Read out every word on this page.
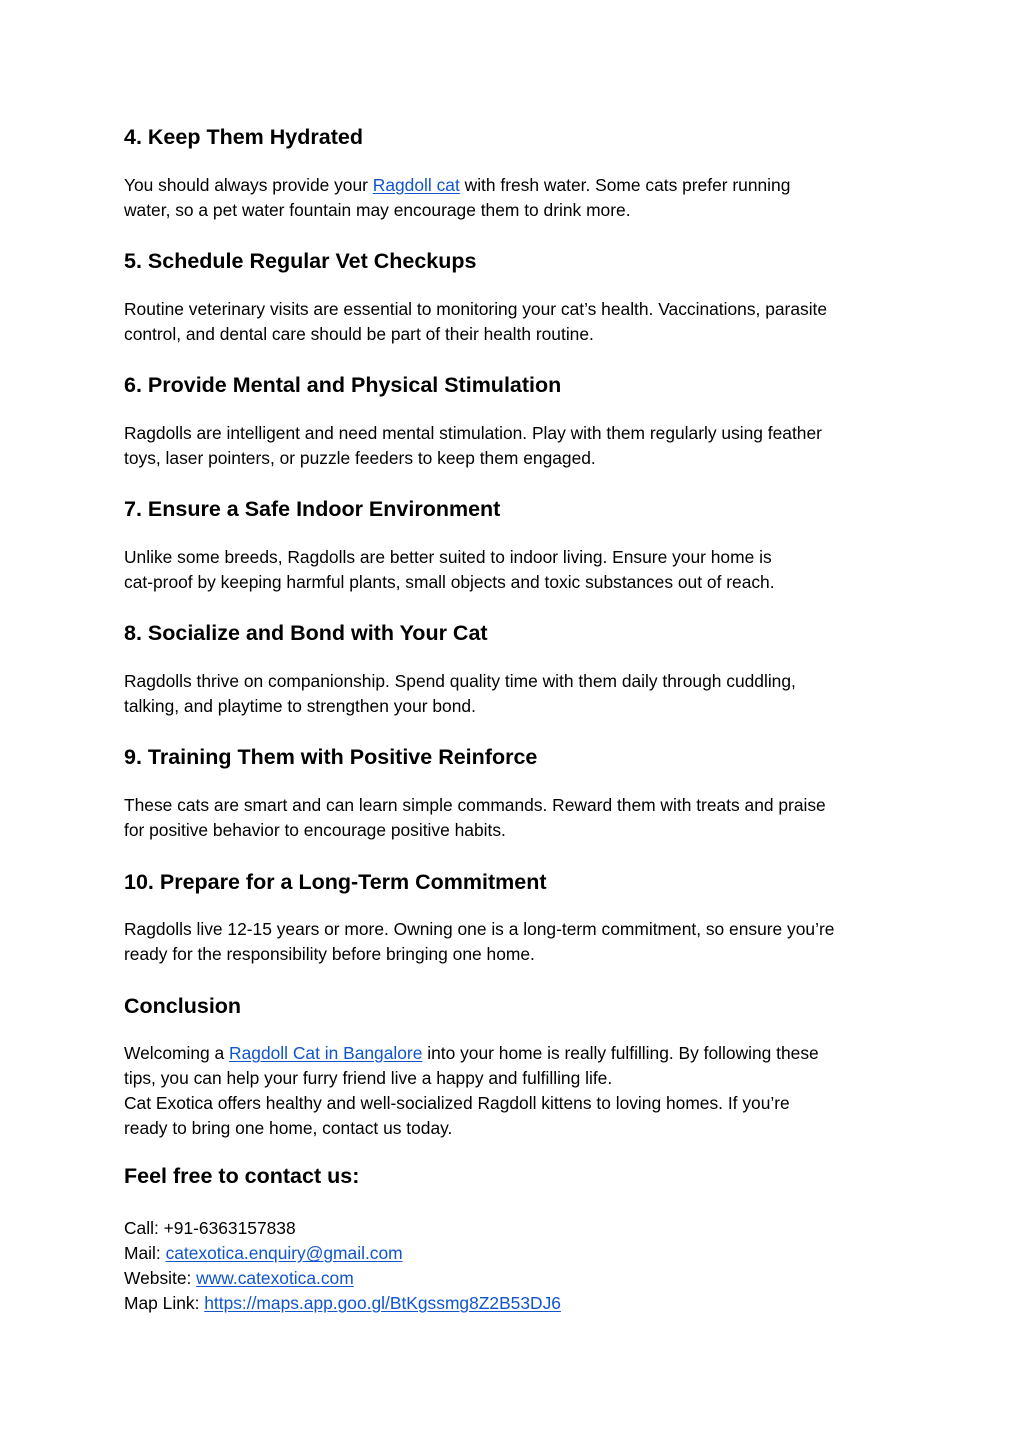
4. Keep Them Hydrated

You should always provide your Ragdoll cat with fresh water. Some cats prefer running
water, so a pet water fountain may encourage them to drink more.

5. Schedule Regular Vet Checkups

Routine veterinary visits are essential to monitoring your cat’s health. Vaccinations, parasite
control, and dental care should be part of their health routine.

6. Provide Mental and Physical Stimulation

Ragdolls are intelligent and need mental stimulation. Play with them regularly using feather
toys, laser pointers, or puzzle feeders to keep them engaged.

7. Ensure a Safe Indoor Environment

Unlike some breeds, Ragdolls are better suited to indoor living. Ensure your home is
cat-proof by keeping harmful plants, small objects and toxic substances out of reach.

8. Socialize and Bond with Your Cat

Ragdolls thrive on companionship. Spend quality time with them daily through cuddling,
talking, and playtime to strengthen your bond.

9. Training Them with Positive Reinforce

These cats are smart and can learn simple commands. Reward them with treats and praise
for positive behavior to encourage positive habits.

10. Prepare for a Long-Term Commitment

Ragdolls live 12-15 years or more. Owning one is a long-term commitment, so ensure you’re
ready for the responsibility before bringing one home.

Conclusion

Welcoming a Ragdoll Cat in Bangalore into your home is really fulfilling. By following these
tips, you can help your furry friend live a happy and fulfilling life.
Cat Exotica offers healthy and well-socialized Ragdoll kittens to loving homes. If you’re
ready to bring one home, contact us today.

Feel free to contact us:

Call: +91-6363157838
Mail: catexotica.enquiry@gmail.com
Website: www.catexotica.com
Map Link: https://maps.app.goo.gl/BtKgssmg8Z2B53DJ6
